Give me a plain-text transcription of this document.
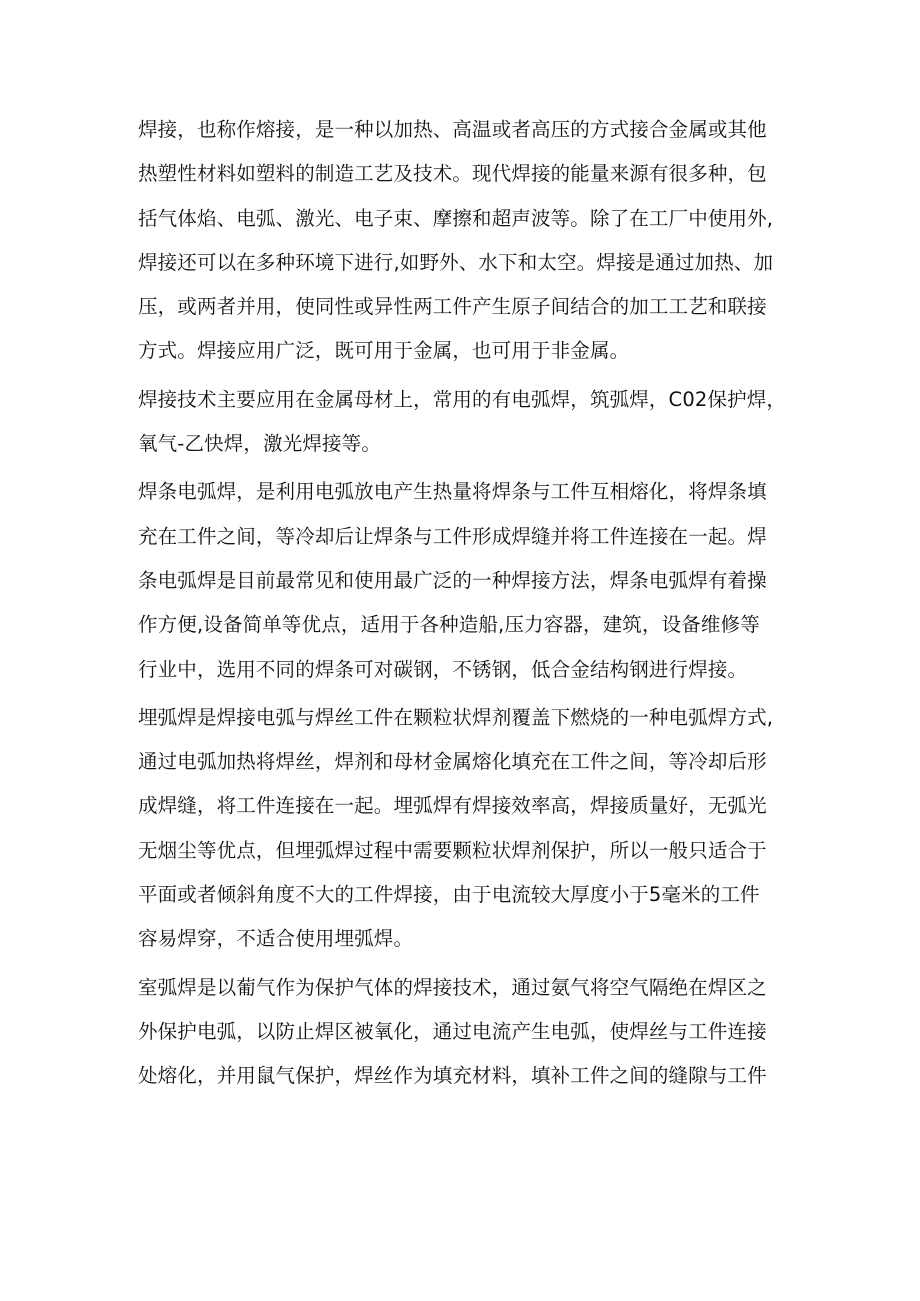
焊接，也称作熔接，是一种以加热、高温或者高压的方式接合金属或其他
热塑性材料如塑料的制造工艺及技术。现代焊接的能量来源有很多种，包
括气体焰、电弧、激光、电子束、摩擦和超声波等。除了在工厂中使用外,
焊接还可以在多种环境下进行,如野外、水下和太空。焊接是通过加热、加
压，或两者并用，使同性或异性两工件产生原子间结合的加工工艺和联接
方式。焊接应用广泛，既可用于金属，也可用于非金属。
焊接技术主要应用在金属母材上，常用的有电弧焊，筑弧焊，C02保护焊，
氧气-乙快焊，激光焊接等。
焊条电弧焊，是利用电弧放电产生热量将焊条与工件互相熔化，将焊条填
充在工件之间，等冷却后让焊条与工件形成焊缝并将工件连接在一起。焊
条电弧焊是目前最常见和使用最广泛的一种焊接方法，焊条电弧焊有着操
作方便,设备简单等优点，适用于各种造船,压力容器，建筑，设备维修等
行业中，选用不同的焊条可对碳钢，不锈钢，低合金结构钢进行焊接。
埋弧焊是焊接电弧与焊丝工件在颗粒状焊剂覆盖下燃烧的一种电弧焊方式,
通过电弧加热将焊丝，焊剂和母材金属熔化填充在工件之间，等冷却后形
成焊缝，将工件连接在一起。埋弧焊有焊接效率高，焊接质量好，无弧光
无烟尘等优点，但埋弧焊过程中需要颗粒状焊剂保护，所以一般只适合于
平面或者倾斜角度不大的工件焊接，由于电流较大厚度小于5毫米的工件
容易焊穿，不适合使用埋弧焊。
室弧焊是以葡气作为保护气体的焊接技术，通过氨气将空气隔绝在焊区之
外保护电弧，以防止焊区被氧化，通过电流产生电弧，使焊丝与工件连接
处熔化，并用鼠气保护，焊丝作为填充材料，填补工件之间的缝隙与工件
